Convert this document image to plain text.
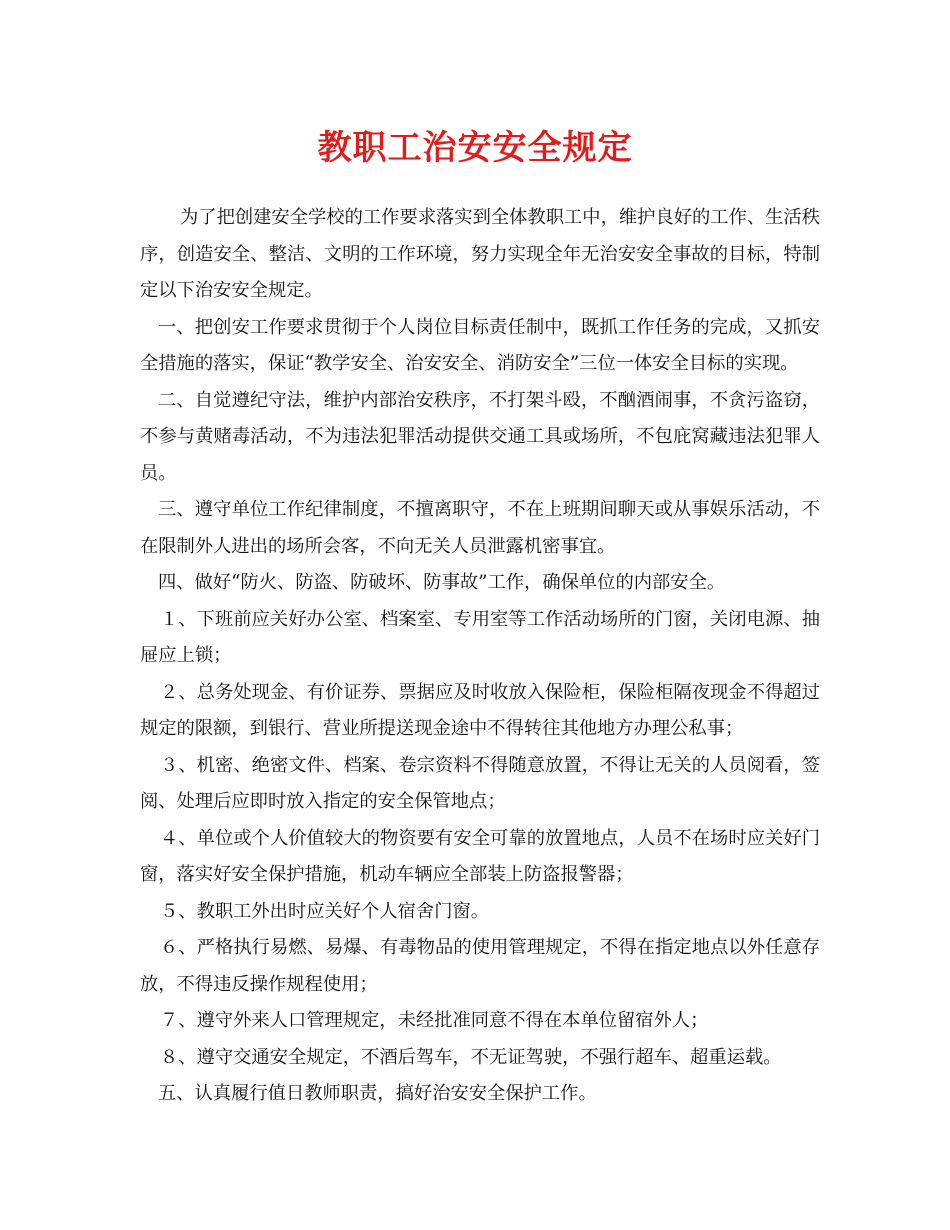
教职工治安安全规定

为了把创建安全学校的工作要求落实到全体教职工中，维护良好的工作、生活秩序，创造安全、整洁、文明的工作环境，努力实现全年无治安安全事故的目标，特制定以下治安安全规定。

一、把创安工作要求贯彻于个人岗位目标责任制中，既抓工作任务的完成，又抓安全措施的落实，保证“教学安全、治安安全、消防安全”三位一体安全目标的实现。

二、自觉遵纪守法，维护内部治安秩序，不打架斗殴，不酗酒闹事，不贪污盗窃，不参与黄赌毒活动，不为违法犯罪活动提供交通工具或场所，不包庇窝藏违法犯罪人员。

三、遵守单位工作纪律制度，不擅离职守，不在上班期间聊天或从事娱乐活动，不在限制外人进出的场所会客，不向无关人员泄露机密事宜。

四、做好“防火、防盗、防破坏、防事故”工作，确保单位的内部安全。

１、下班前应关好办公室、档案室、专用室等工作活动场所的门窗，关闭电源、抽屉应上锁；

２、总务处现金、有价证券、票据应及时收放入保险柜，保险柜隔夜现金不得超过规定的限额，到银行、营业所提送现金途中不得转往其他地方办理公私事；

３、机密、绝密文件、档案、卷宗资料不得随意放置，不得让无关的人员阅看，签阅、处理后应即时放入指定的安全保管地点；

４、单位或个人价值较大的物资要有安全可靠的放置地点，人员不在场时应关好门窗，落实好安全保护措施，机动车辆应全部装上防盗报警器；

５、教职工外出时应关好个人宿舍门窗。

６、严格执行易燃、易爆、有毒物品的使用管理规定，不得在指定地点以外任意存放，不得违反操作规程使用；

７、遵守外来人口管理规定，未经批准同意不得在本单位留宿外人；

８、遵守交通安全规定，不酒后驾车，不无证驾驶，不强行超车、超重运载。

五、认真履行值日教师职责，搞好治安安全保护工作。
